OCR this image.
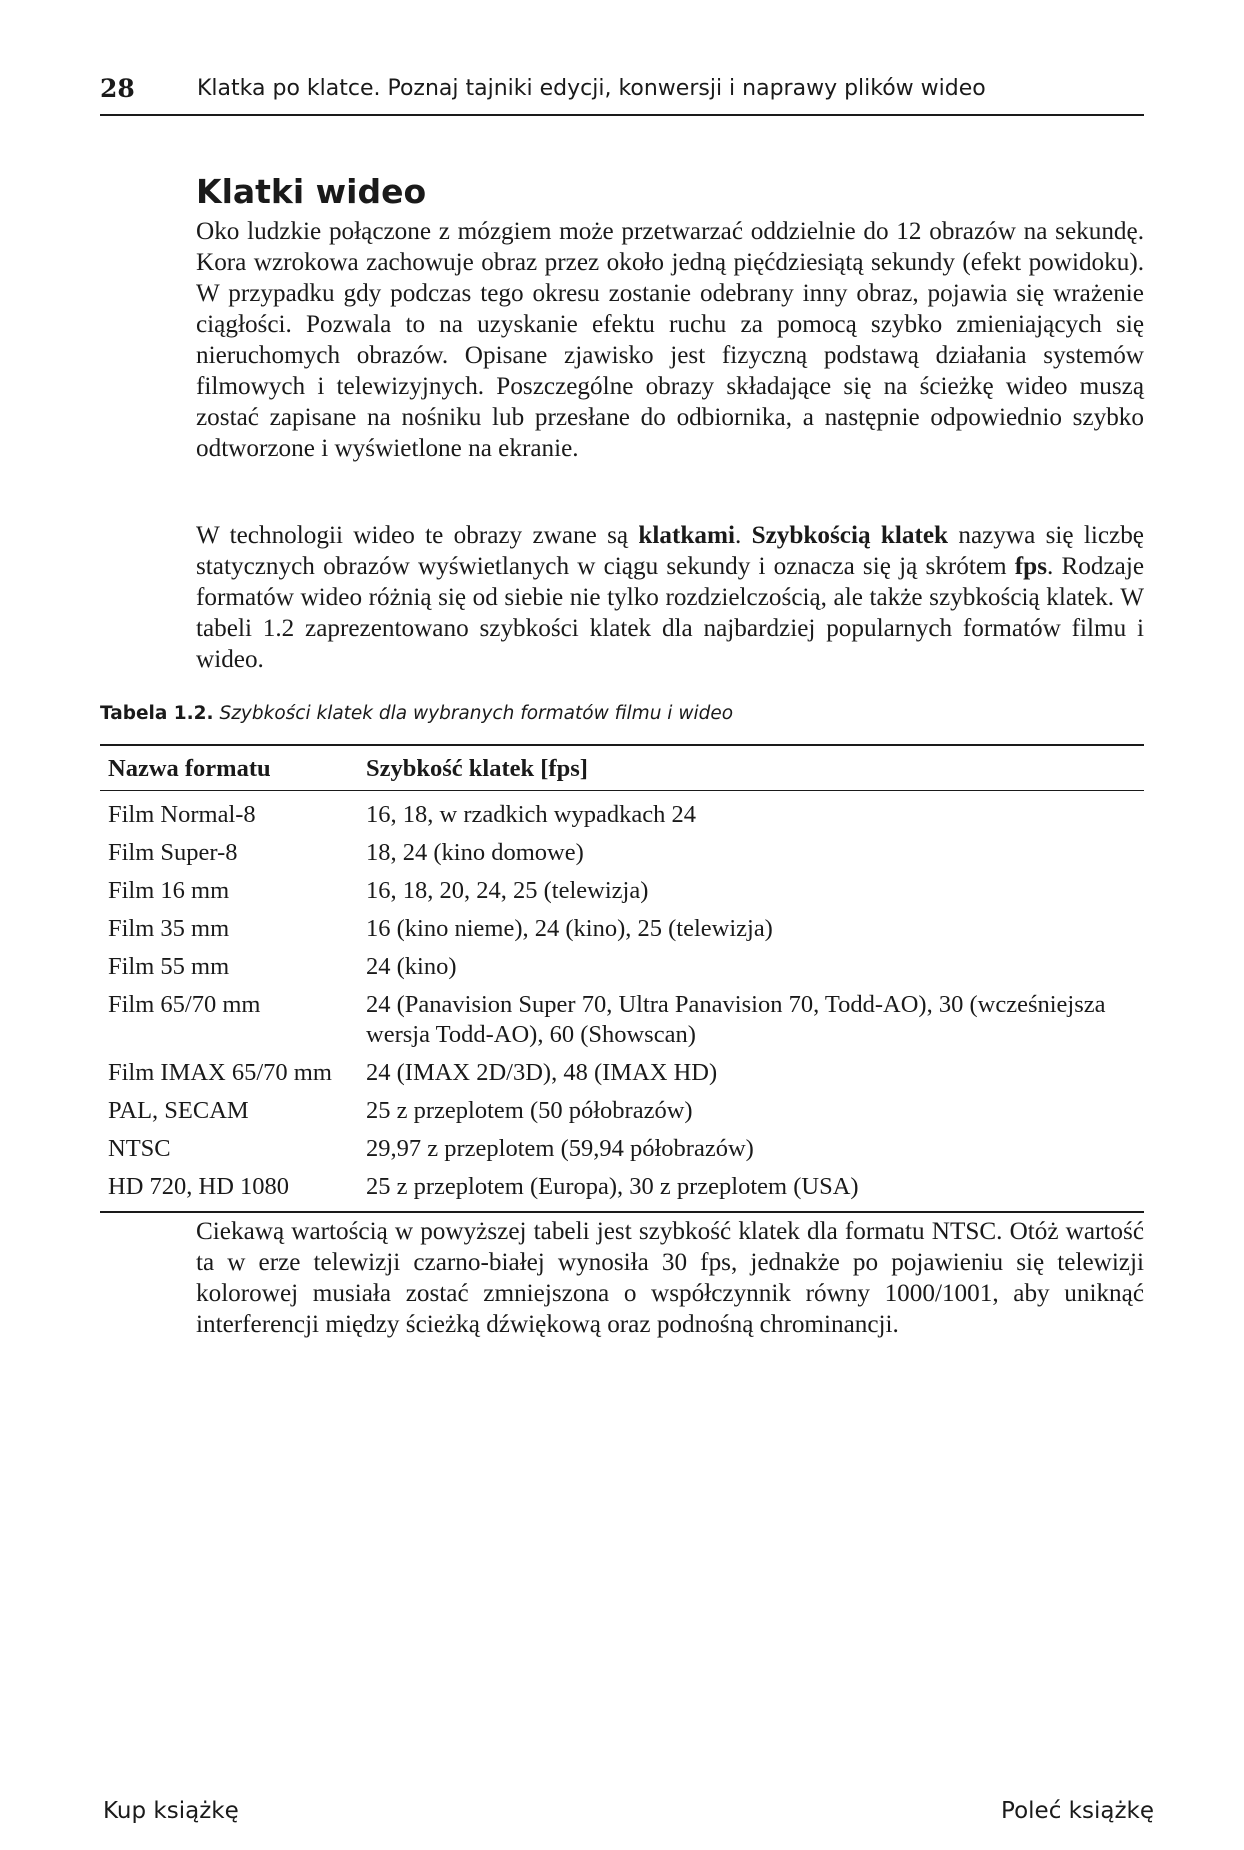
28	Klatka po klatce. Poznaj tajniki edycji, konwersji i naprawy plików wideo
Klatki wideo

Oko ludzkie połączone z mózgiem może przetwarzać oddzielnie do 12 obrazów na sekundę. Kora wzrokowa zachowuje obraz przez około jedną pięćdziesiątą sekundy (efekt powidoku). W przypadku gdy podczas tego okresu zostanie odebrany inny obraz, pojawia się wrażenie ciągłości. Pozwala to na uzyskanie efektu ruchu za pomocą szybko zmieniających się nieruchomych obrazów. Opisane zjawisko jest fizyczną podstawą działania systemów filmowych i telewizyjnych. Poszczególne obrazy składające się na ścieżkę wideo muszą zostać zapisane na nośniku lub przesłane do odbiornika, a następnie odpowiednio szybko odtworzone i wyświetlone na ekranie.

W technologii wideo te obrazy zwane są klatkami. Szybkością klatek nazywa się liczbę statycznych obrazów wyświetlanych w ciągu sekundy i oznacza się ją skrótem fps. Rodzaje formatów wideo różnią się od siebie nie tylko rozdzielczością, ale także szybkością klatek. W tabeli 1.2 zaprezentowano szybkości klatek dla najbardziej popularnych formatów filmu i wideo.

Tabela 1.2. Szybkości klatek dla wybranych formatów filmu i wideo

Nazwa formatu	Szybkość klatek [fps]
Film Normal-8	16, 18, w rzadkich wypadkach 24
Film Super-8	18, 24 (kino domowe)
Film 16 mm	16, 18, 20, 24, 25 (telewizja)
Film 35 mm	16 (kino nieme), 24 (kino), 25 (telewizja)
Film 55 mm	24 (kino)
Film 65/70 mm	24 (Panavision Super 70, Ultra Panavision 70, Todd-AO), 30 (wcześniejsza wersja Todd-AO), 60 (Showscan)
Film IMAX 65/70 mm	24 (IMAX 2D/3D), 48 (IMAX HD)
PAL, SECAM	25 z przeplotem (50 półobrazów)
NTSC	29,97 z przeplotem (59,94 półobrazów)
HD 720, HD 1080	25 z przeplotem (Europa), 30 z przeplotem (USA)

Ciekawą wartością w powyższej tabeli jest szybkość klatek dla formatu NTSC. Otóż wartość ta w erze telewizji czarno-białej wynosiła 30 fps, jednakże po pojawieniu się telewizji kolorowej musiała zostać zmniejszona o współczynnik równy 1000/1001, aby uniknąć interferencji między ścieżką dźwiękową oraz podnośną chrominancji.

Kup książkę	Poleć książkę
